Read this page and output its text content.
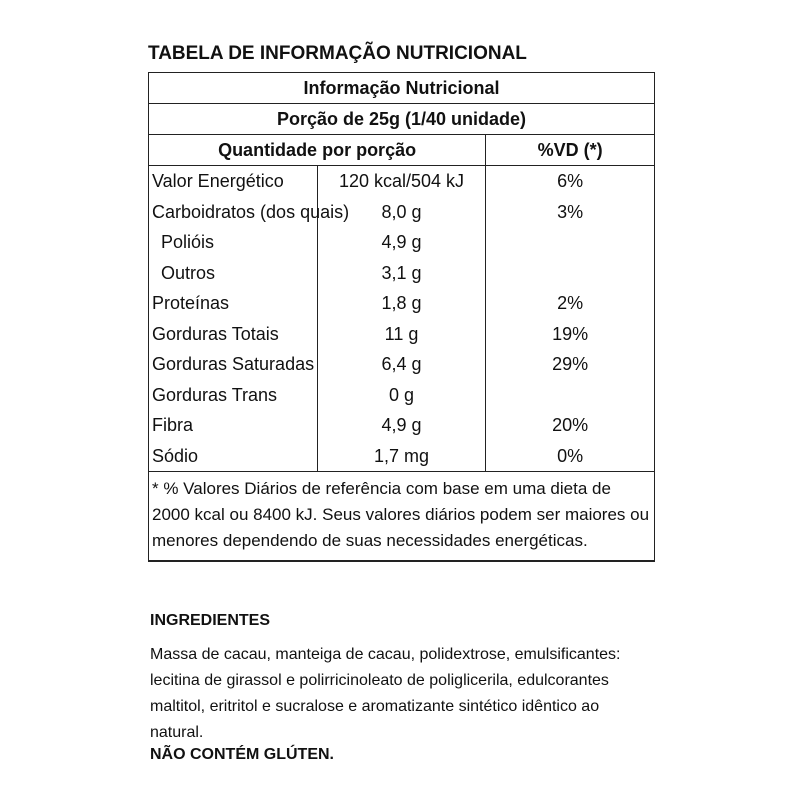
TABELA DE INFORMAÇÃO NUTRICIONAL
Informação Nutricional		
Porção de 25g (1/40 unidade)		
Quantidade por porção		%VD (*)
Valor Energético	120 kcal/504 kJ	6%
Carboidratos (dos quais)	8,0 g	3%
Polióis	4,9 g	
Outros	3,1 g	
Proteínas	1,8 g	2%
Gorduras Totais	11 g	19%
Gorduras Saturadas	6,4 g	29%
Gorduras Trans	0 g	
Fibra	4,9 g	20%
Sódio	1,7 mg	0%
* % Valores Diários de referência com base em uma dieta de 2000 kcal ou 8400 kJ. Seus valores diários podem ser maiores ou menores dependendo de suas necessidades energéticas.		
INGREDIENTES
Massa de cacau, manteiga de cacau, polidextrose, emulsificantes: lecitina de girassol e polirricinoleato de poliglicerila, edulcorantes maltitol, eritritol e sucralose e aromatizante sintético idêntico ao natural.
NÃO CONTÉM GLÚTEN.
